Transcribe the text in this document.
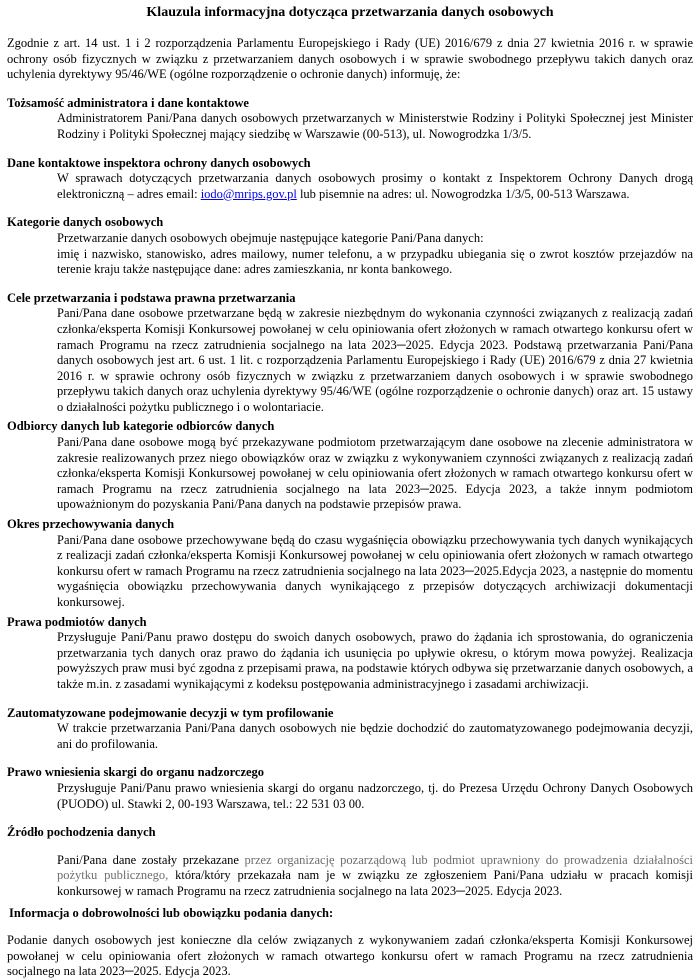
Klauzula informacyjna dotycząca przetwarzania danych osobowych

Zgodnie z art. 14 ust. 1 i 2 rozporządzenia Parlamentu Europejskiego i Rady (UE) 2016/679 z dnia 27 kwietnia 2016 r. w sprawie ochrony osób fizycznych w związku z przetwarzaniem danych osobowych i w sprawie swobodnego przepływu takich danych oraz uchylenia dyrektywy 95/46/WE (ogólne rozporządzenie o ochronie danych) informuję, że:

Tożsamość administratora i dane kontaktowe
Administratorem Pani/Pana danych osobowych przetwarzanych w Ministerstwie Rodziny i Polityki Społecznej jest Minister Rodziny i Polityki Społecznej mający siedzibę w Warszawie (00-513), ul. Nowogrodzka 1/3/5.
Dane kontaktowe inspektora ochrony danych osobowych
W sprawach dotyczących przetwarzania danych osobowych prosimy o kontakt z Inspektorem Ochrony Danych drogą elektroniczną – adres email: iodo@mrips.gov.pl lub pisemnie na adres: ul. Nowogrodzka 1/3/5, 00-513 Warszawa.
Kategorie danych osobowych
Przetwarzanie danych osobowych obejmuje następujące kategorie Pani/Pana danych:
imię i nazwisko, stanowisko, adres mailowy, numer telefonu, a w przypadku ubiegania się o zwrot kosztów przejazdów na terenie kraju także następujące dane: adres zamieszkania, nr konta bankowego.
Cele przetwarzania i podstawa prawna przetwarzania
Pani/Pana dane osobowe przetwarzane będą w zakresie niezbędnym do wykonania czynności związanych z realizacją zadań członka/eksperta Komisji Konkursowej powołanej w celu opiniowania ofert złożonych w ramach otwartego konkursu ofert w ramach Programu na rzecz zatrudnienia socjalnego na lata 2023─2025. Edycja 2023. Podstawą przetwarzania Pani/Pana danych osobowych jest art. 6 ust. 1 lit. c rozporządzenia Parlamentu Europejskiego i Rady (UE) 2016/679 z dnia 27 kwietnia 2016 r. w sprawie ochrony osób fizycznych w związku z przetwarzaniem danych osobowych i w sprawie swobodnego przepływu takich danych oraz uchylenia dyrektywy 95/46/WE (ogólne rozporządzenie o ochronie danych) oraz art. 15 ustawy o działalności pożytku publicznego i o wolontariacie.
Odbiorcy danych lub kategorie odbiorców danych
Pani/Pana dane osobowe mogą być przekazywane podmiotom przetwarzającym dane osobowe na zlecenie administratora w zakresie realizowanych przez niego obowiązków oraz w związku z wykonywaniem czynności związanych z realizacją zadań członka/eksperta Komisji Konkursowej powołanej w celu opiniowania ofert złożonych w ramach otwartego konkursu ofert w ramach Programu na rzecz zatrudnienia socjalnego na lata 2023─2025. Edycja 2023, a także innym podmiotom upoważnionym do pozyskania Pani/Pana danych na podstawie przepisów prawa.
Okres przechowywania danych
Pani/Pana dane osobowe przechowywane będą do czasu wygaśnięcia obowiązku przechowywania tych danych wynikających z realizacji zadań członka/eksperta Komisji Konkursowej powołanej w celu opiniowania ofert złożonych w ramach otwartego konkursu ofert w ramach Programu na rzecz zatrudnienia socjalnego na lata 2023─2025.Edycja 2023, a następnie do momentu wygaśnięcia obowiązku przechowywania danych wynikającego z przepisów dotyczących archiwizacji dokumentacji konkursowej.
Prawa podmiotów danych
Przysługuje Pani/Panu prawo dostępu do swoich danych osobowych, prawo do żądania ich sprostowania, do ograniczenia przetwarzania tych danych oraz prawo do żądania ich usunięcia po upływie okresu, o którym mowa powyżej. Realizacja powyższych praw musi być zgodna z przepisami prawa, na podstawie których odbywa się przetwarzanie danych osobowych, a także m.in. z zasadami wynikającymi z kodeksu postępowania administracyjnego i zasadami archiwizacji.
Zautomatyzowane podejmowanie decyzji w tym profilowanie
W trakcie przetwarzania Pani/Pana danych osobowych nie będzie dochodzić do zautomatyzowanego podejmowania decyzji, ani do profilowania.
Prawo wniesienia skargi do organu nadzorczego
Przysługuje Pani/Panu prawo wniesienia skargi do organu nadzorczego, tj. do Prezesa Urzędu Ochrony Danych Osobowych (PUODO) ul. Stawki 2, 00-193 Warszawa, tel.: 22 531 03 00.
Źródło pochodzenia danych
Pani/Pana dane zostały przekazane przez organizację pozarządową lub podmiot uprawniony do prowadzenia działalności pożytku publicznego, która/który przekazała nam je w związku ze zgłoszeniem Pani/Pana udziału w pracach komisji konkursowej w ramach Programu na rzecz zatrudnienia socjalnego na lata 2023─2025. Edycja 2023.
Informacja o dobrowolności lub obowiązku podania danych:

Podanie danych osobowych jest konieczne dla celów związanych z wykonywaniem zadań członka/eksperta Komisji Konkursowej powołanej w celu opiniowania ofert złożonych w ramach otwartego konkursu ofert w ramach Programu na rzecz zatrudnienia socjalnego na lata 2023─2025. Edycja 2023.
